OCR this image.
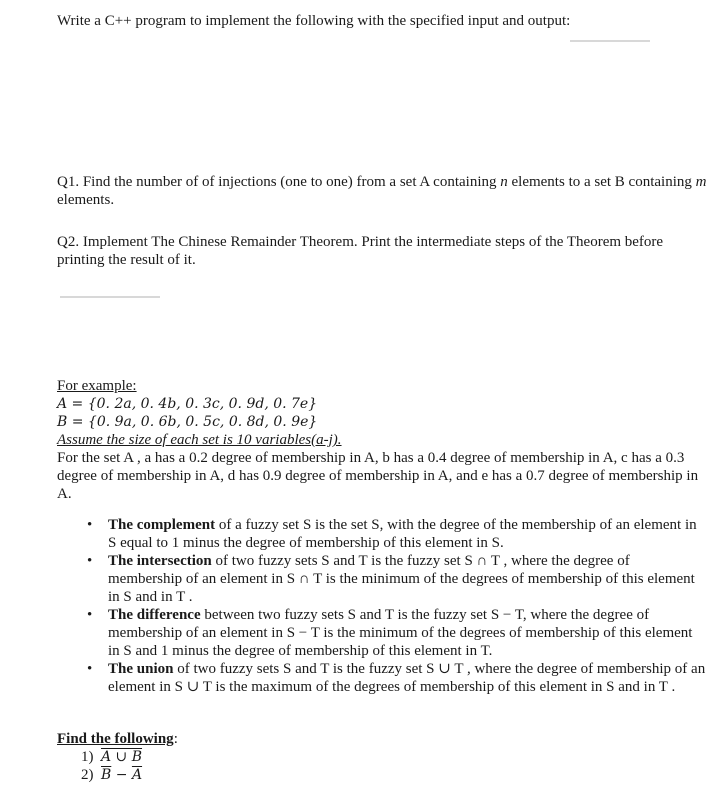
Write a C++ program to implement the following with the specified input and output:

Q1. Find the number of of injections (one to one) from a set A containing n elements to a set B containing m elements.

Q2. Implement The Chinese Remainder Theorem. Print the intermediate steps of the Theorem before printing the result of it.

For example:

A = {0. 2a, 0. 4b, 0. 3c, 0. 9d, 0. 7e}

B = {0. 9a, 0. 6b, 0. 5c, 0. 8d, 0. 9e}

Assume the size of each set is 10 variables(a-j).

For the set A , a has a 0.2 degree of membership in A, b has a 0.4 degree of membership in A, c has a 0.3 degree of membership in A, d has 0.9 degree of membership in A, and e has a 0.7 degree of membership in A.

• The complement of a fuzzy set S is the set S, with the degree of the membership of an element in S equal to 1 minus the degree of membership of this element in S.

• The intersection of two fuzzy sets S and T is the fuzzy set S ∩ T , where the degree of membership of an element in S ∩ T is the minimum of the degrees of membership of this element in S and in T .

• The difference between two fuzzy sets S and T is the fuzzy set S − T, where the degree of membership of an element in S − T is the minimum of the degrees of membership of this element in S and 1 minus the degree of membership of this element in T.

• The union of two fuzzy sets S and T is the fuzzy set S ∪ T , where the degree of membership of an element in S ∪ T is the maximum of the degrees of membership of this element in S and in T .

Find the following:

1) A ∪ B

2) $\overline{B} - \overline{A}$
